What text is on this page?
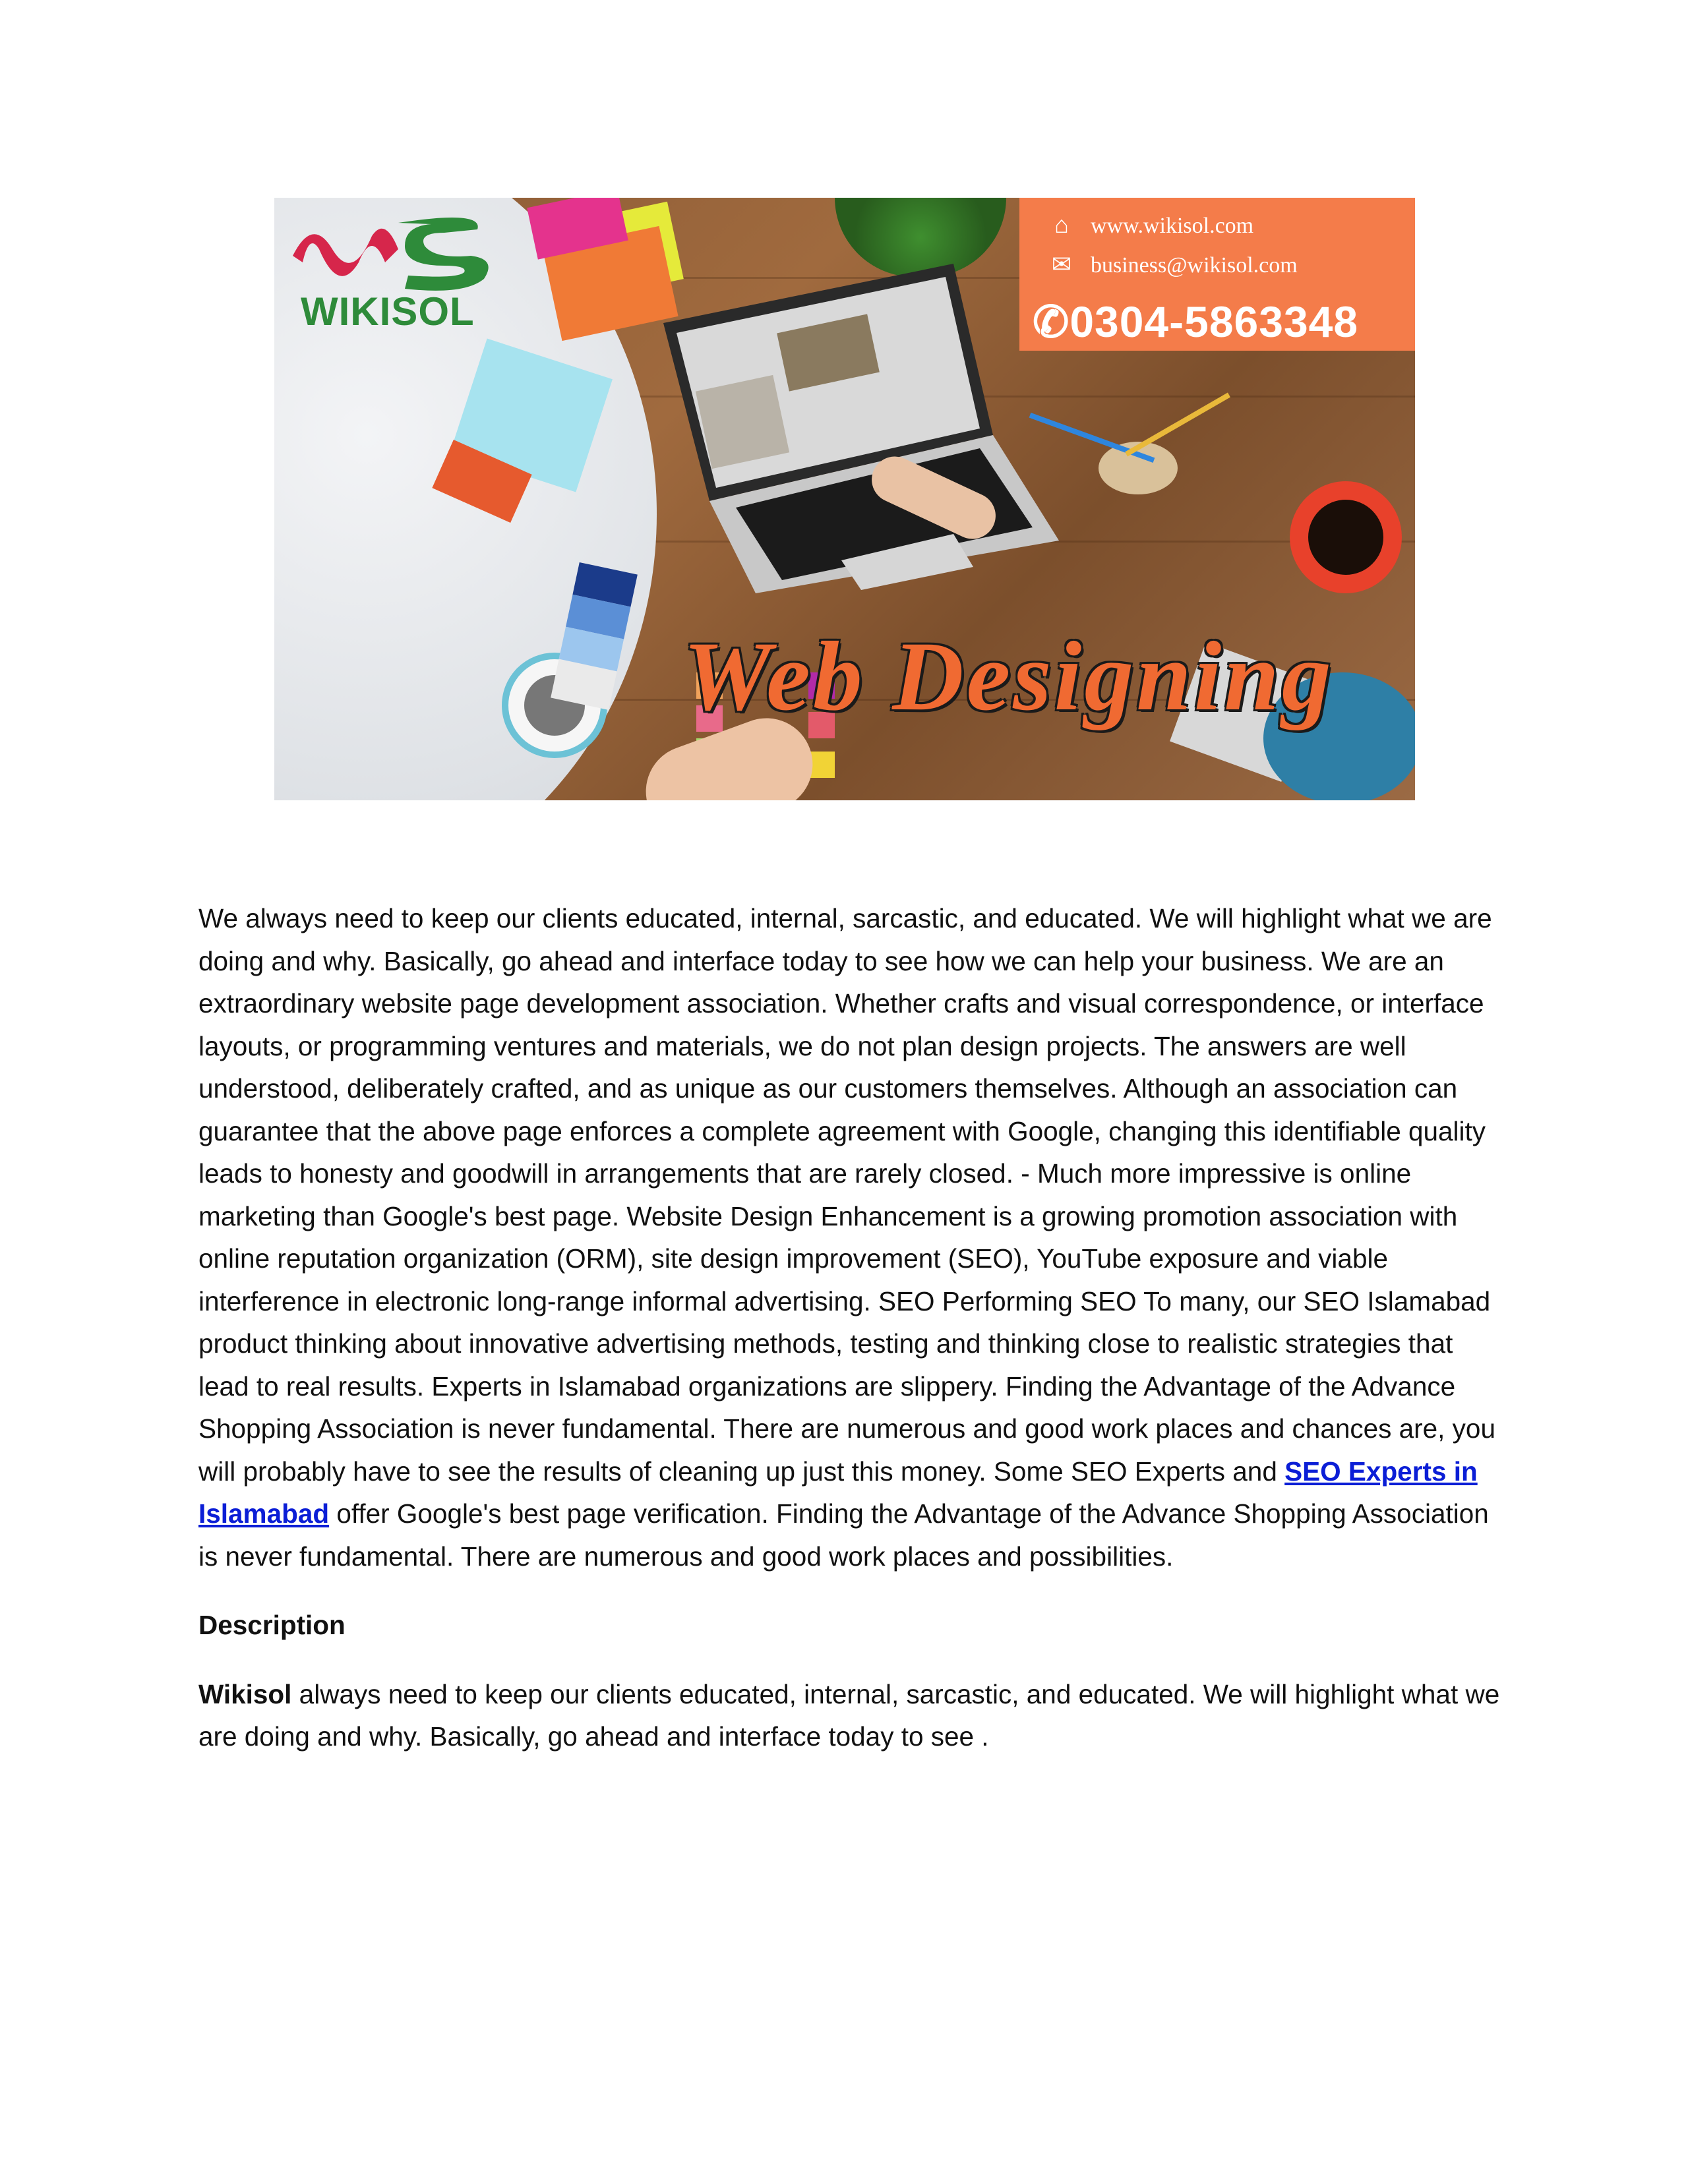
WIKISOL
Web Designing
⌂ www.wikisol.com
✉ business@wikisol.com
✆0304-5863348

We always need to keep our clients educated, internal, sarcastic, and educated. We will highlight what we are doing and why. Basically, go ahead and interface today to see how we can help your business. We are an extraordinary website page development association. Whether crafts and visual correspondence, or interface layouts, or programming ventures and materials, we do not plan design projects. The answers are well understood, deliberately crafted, and as unique as our customers themselves. Although an association can guarantee that the above page enforces a complete agreement with Google, changing this identifiable quality leads to honesty and goodwill in arrangements that are rarely closed. - Much more impressive is online marketing than Google's best page. Website Design Enhancement is a growing promotion association with online reputation organization (ORM), site design improvement (SEO), YouTube exposure and viable interference in electronic long-range informal advertising. SEO Performing SEO To many, our SEO Islamabad product thinking about innovative advertising methods, testing and thinking close to realistic strategies that lead to real results. Experts in Islamabad organizations are slippery. Finding the Advantage of the Advance Shopping Association is never fundamental. There are numerous and good work places and chances are, you will probably have to see the results of cleaning up just this money. Some SEO Experts and SEO Experts in Islamabad offer Google's best page verification. Finding the Advantage of the Advance Shopping Association is never fundamental. There are numerous and good work places and possibilities.

Description

Wikisol always need to keep our clients educated, internal, sarcastic, and educated. We will highlight what we are doing and why. Basically, go ahead and interface today to see .
